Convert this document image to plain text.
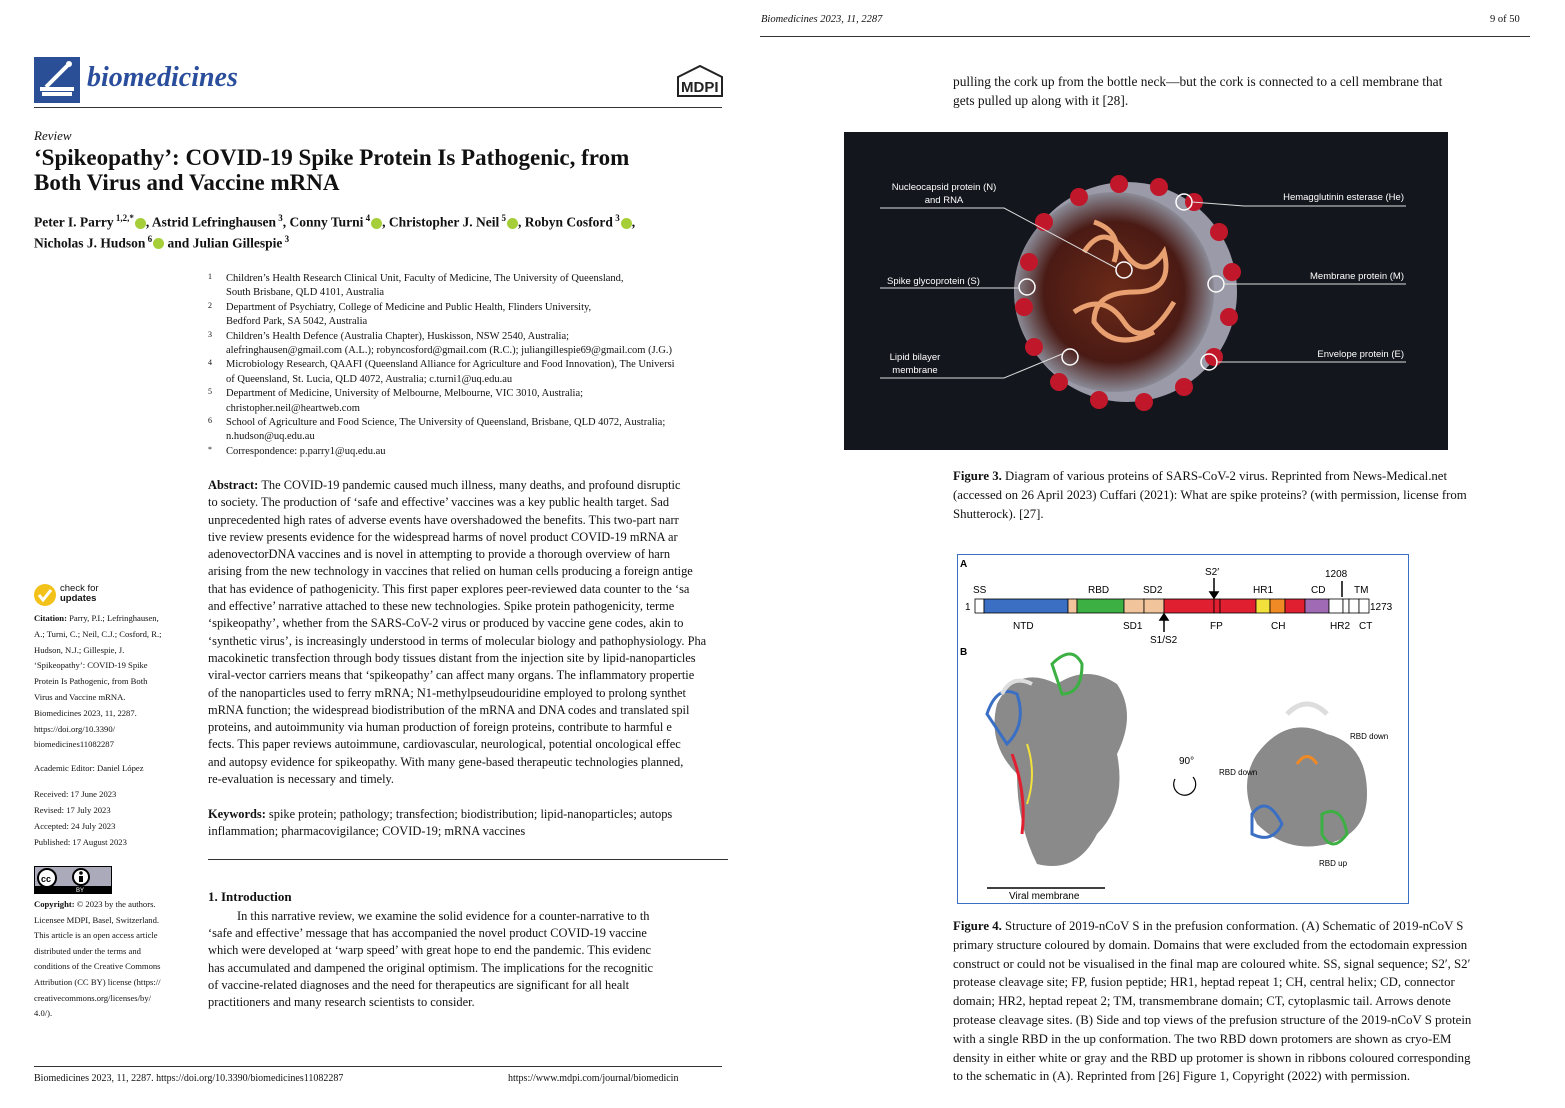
biomedicines	MDPI
Review
‘Spikeopathy’: COVID-19 Spike Protein Is Pathogenic, from
Both Virus and Vaccine mRNA
Peter I. Parry $^{1,2,*}$ , Astrid Lefringhausen $^3$, Conny Turni $^4$ , Christopher J. Neil $^5$ , Robyn Cosford $^3$ ,
Nicholas J. Hudson $^6$ and Julian Gillespie $^3$
1 Children’s Health Research Clinical Unit, Faculty of Medicine, The University of Queensland,
South Brisbane, QLD 4101, Australia
2 Department of Psychiatry, College of Medicine and Public Health, Flinders University,
Bedford Park, SA 5042, Australia
3 Children’s Health Defence (Australia Chapter), Huskisson, NSW 2540, Australia;
alefringhausen@gmail.com (A.L.); robyncosford@gmail.com (R.C.); juliangillespie69@gmail.com (J.G.)
4 Microbiology Research, QAAFI (Queensland Alliance for Agriculture and Food Innovation), The Universi
of Queensland, St. Lucia, QLD 4072, Australia; c.turni1@uq.edu.au
5 Department of Medicine, University of Melbourne, Melbourne, VIC 3010, Australia;
christopher.neil@heartweb.com
6 School of Agriculture and Food Science, The University of Queensland, Brisbane, QLD 4072, Australia;
n.hudson@uq.edu.au
* Correspondence: p.parry1@uq.edu.au
Abstract: The COVID-19 pandemic caused much illness, many deaths, and profound disruptic
to society. The production of ‘safe and effective’ vaccines was a key public health target. Sad
unprecedented high rates of adverse events have overshadowed the benefits. This two-part narr
tive review presents evidence for the widespread harms of novel product COVID-19 mRNA ar
adenovectorDNA vaccines and is novel in attempting to provide a thorough overview of harn
arising from the new technology in vaccines that relied on human cells producing a foreign antige
that has evidence of pathogenicity. This first paper explores peer-reviewed data counter to the ‘sa
and effective’ narrative attached to these new technologies. Spike protein pathogenicity, terme
‘spikeopathy’, whether from the SARS-CoV-2 virus or produced by vaccine gene codes, akin to
‘synthetic virus’, is increasingly understood in terms of molecular biology and pathophysiology. Pha
macokinetic transfection through body tissues distant from the injection site by lipid-nanoparticles
viral-vector carriers means that ‘spikeopathy’ can affect many organs. The inflammatory propertie
of the nanoparticles used to ferry mRNA; N1-methylpseudouridine employed to prolong synthet
mRNA function; the widespread biodistribution of the mRNA and DNA codes and translated spil
proteins, and autoimmunity via human production of foreign proteins, contribute to harmful e
fects. This paper reviews autoimmune, cardiovascular, neurological, potential oncological effec
and autopsy evidence for spikeopathy. With many gene-based therapeutic technologies planned,
re-evaluation is necessary and timely.
Keywords: spike protein; pathology; transfection; biodistribution; lipid-nanoparticles; autops
inflammation; pharmacovigilance; COVID-19; mRNA vaccines
1. Introduction
In this narrative review, we examine the solid evidence for a counter-narrative to th
‘safe and effective’ message that has accompanied the novel product COVID-19 vaccine
which were developed at ‘warp speed’ with great hope to end the pandemic. This evidenc
has accumulated and dampened the original optimism. The implications for the recognitic
of vaccine-related diagnoses and the need for therapeutics are significant for all healt
practitioners and many research scientists to consider.
check for
updates
Citation: Parry, P.I.; Lefringhausen,
A.; Turni, C.; Neil, C.J.; Cosford, R.;
Hudson, N.J.; Gillespie, J.
‘Spikeopathy’: COVID-19 Spike
Protein Is Pathogenic, from Both
Virus and Vaccine mRNA.
Biomedicines 2023, 11, 2287.
https://doi.org/10.3390/
biomedicines11082287
Academic Editor: Daniel López
Received: 17 June 2023
Revised: 17 July 2023
Accepted: 24 July 2023
Published: 17 August 2023
cc
BY
Copyright: © 2023 by the authors.
Licensee MDPI, Basel, Switzerland.
This article is an open access article
distributed under the terms and
conditions of the Creative Commons
Attribution (CC BY) license (https://
creativecommons.org/licenses/by/
4.0/).
Biomedicines 2023, 11, 2287. https://doi.org/10.3390/biomedicines11082287	https://www.mdpi.com/journal/biomedicin
Biomedicines 2023, 11, 2287	9 of 50
pulling the cork up from the bottle neck—but the cork is connected to a cell membrane that
gets pulled up along with it [28].
Nucleocapsid protein (N)
and RNA
Spike glycoprotein (S)
Lipid bilayer
membrane
Hemagglutinin esterase (He)
Membrane protein (M)
Envelope protein (E)
Figure 3. Diagram of various proteins of SARS-CoV-2 virus. Reprinted from News-Medical.net
(accessed on 26 April 2023) Cuffari (2021): What are spike proteins? (with permission, license from
Shutterock). [27].
A
B
1	1273
SS	RBD	SD2
S2′
HR1	CD
1208
TM
NTD	SD1
S1/S2
FP	CH	HR2 CT
Viral membrane
90°
RBD down
RBD down
RBD up
Figure 4. Structure of 2019-nCoV S in the prefusion conformation. (A) Schematic of 2019-nCoV S
primary structure coloured by domain. Domains that were excluded from the ectodomain expression
construct or could not be visualised in the final map are coloured white. SS, signal sequence; S2′, S2′
protease cleavage site; FP, fusion peptide; HR1, heptad repeat 1; CH, central helix; CD, connector
domain; HR2, heptad repeat 2; TM, transmembrane domain; CT, cytoplasmic tail. Arrows denote
protease cleavage sites. (B) Side and top views of the prefusion structure of the 2019-nCoV S protein
with a single RBD in the up conformation. The two RBD down protomers are shown as cryo-EM
density in either white or gray and the RBD up protomer is shown in ribbons coloured corresponding
to the schematic in (A). Reprinted from [26] Figure 1, Copyright (2022) with permission.
